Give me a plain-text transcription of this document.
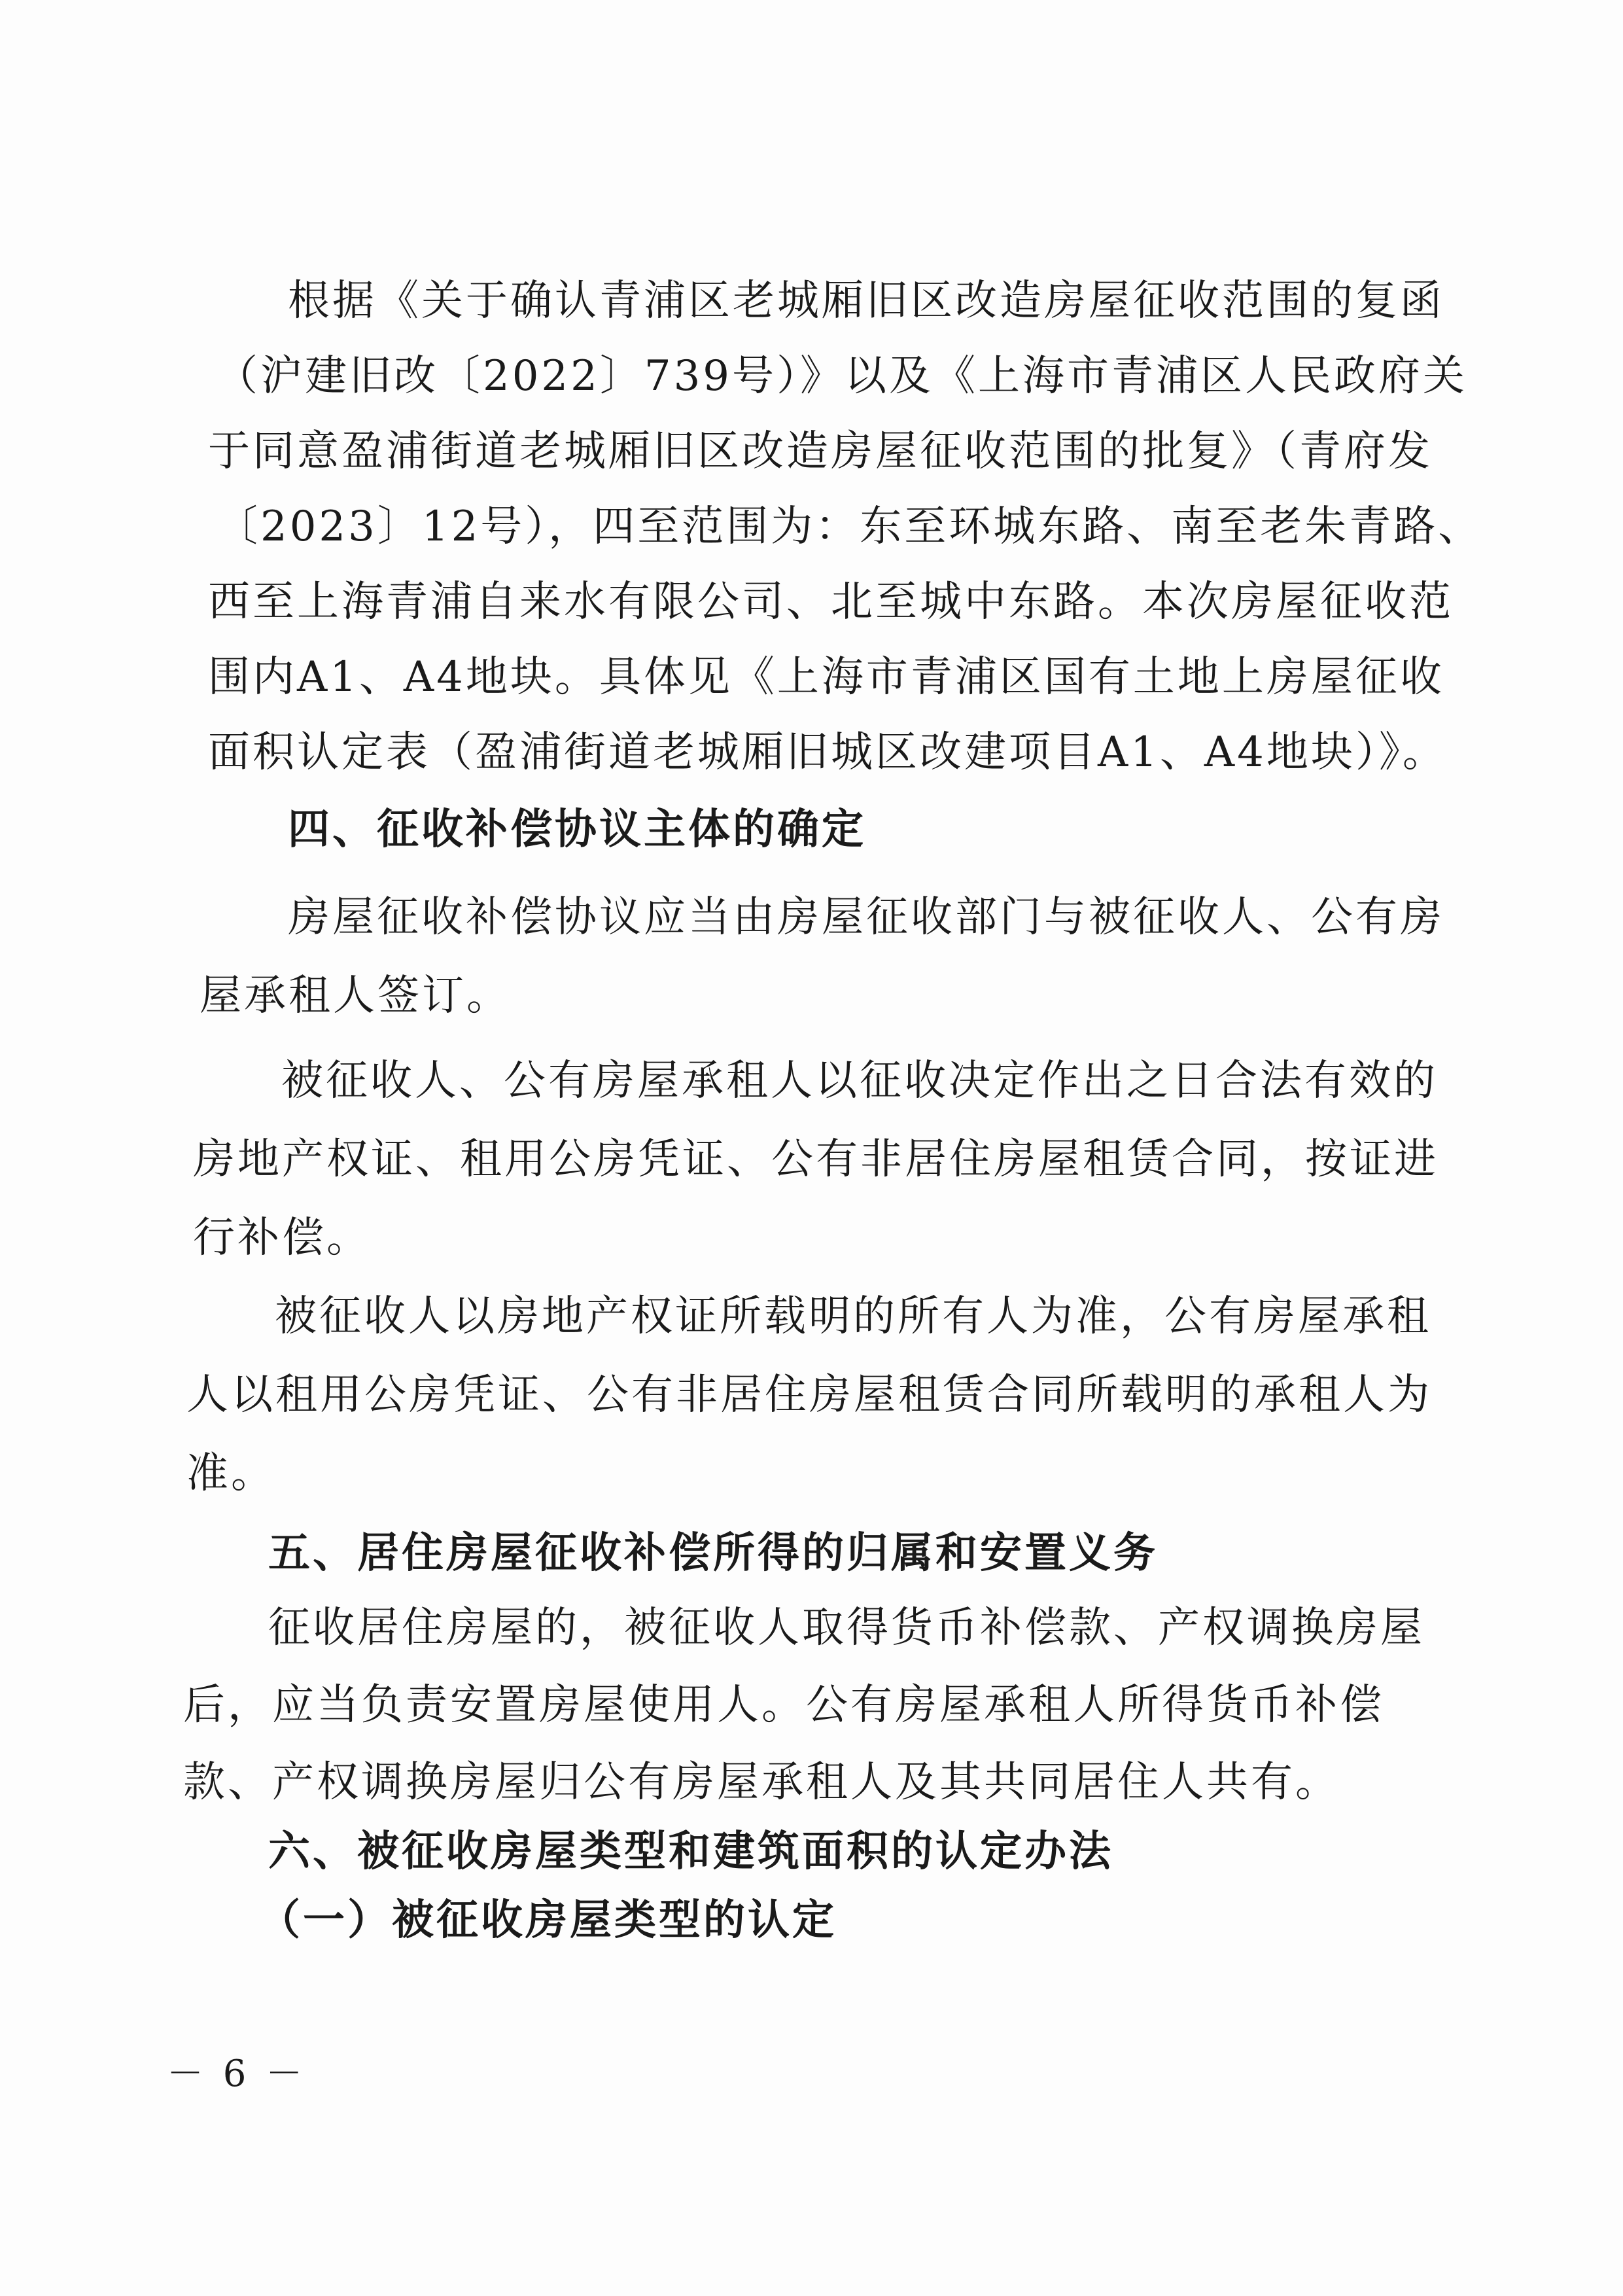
根据《关于确认青浦区老城厢旧区改造房屋征收范围的复函
（沪建旧改〔2022〕739号）》以及《上海市青浦区人民政府关
于同意盈浦街道老城厢旧区改造房屋征收范围的批复》（青府发
〔2023〕12号），四至范围为：东至环城东路、南至老朱青路、
西至上海青浦自来水有限公司、北至城中东路。本次房屋征收范
围内A1、A4地块。具体见《上海市青浦区国有土地上房屋征收
面积认定表（盈浦街道老城厢旧城区改建项目A1、A4地块）》。
四、征收补偿协议主体的确定
房屋征收补偿协议应当由房屋征收部门与被征收人、公有房
屋承租人签订。
被征收人、公有房屋承租人以征收决定作出之日合法有效的
房地产权证、租用公房凭证、公有非居住房屋租赁合同，按证进
行补偿。
被征收人以房地产权证所载明的所有人为准，公有房屋承租
人以租用公房凭证、公有非居住房屋租赁合同所载明的承租人为
准。
五、居住房屋征收补偿所得的归属和安置义务
征收居住房屋的，被征收人取得货币补偿款、产权调换房屋
后，应当负责安置房屋使用人。公有房屋承租人所得货币补偿
款、产权调换房屋归公有房屋承租人及其共同居住人共有。
六、被征收房屋类型和建筑面积的认定办法
（一）被征收房屋类型的认定
－ 6 －
